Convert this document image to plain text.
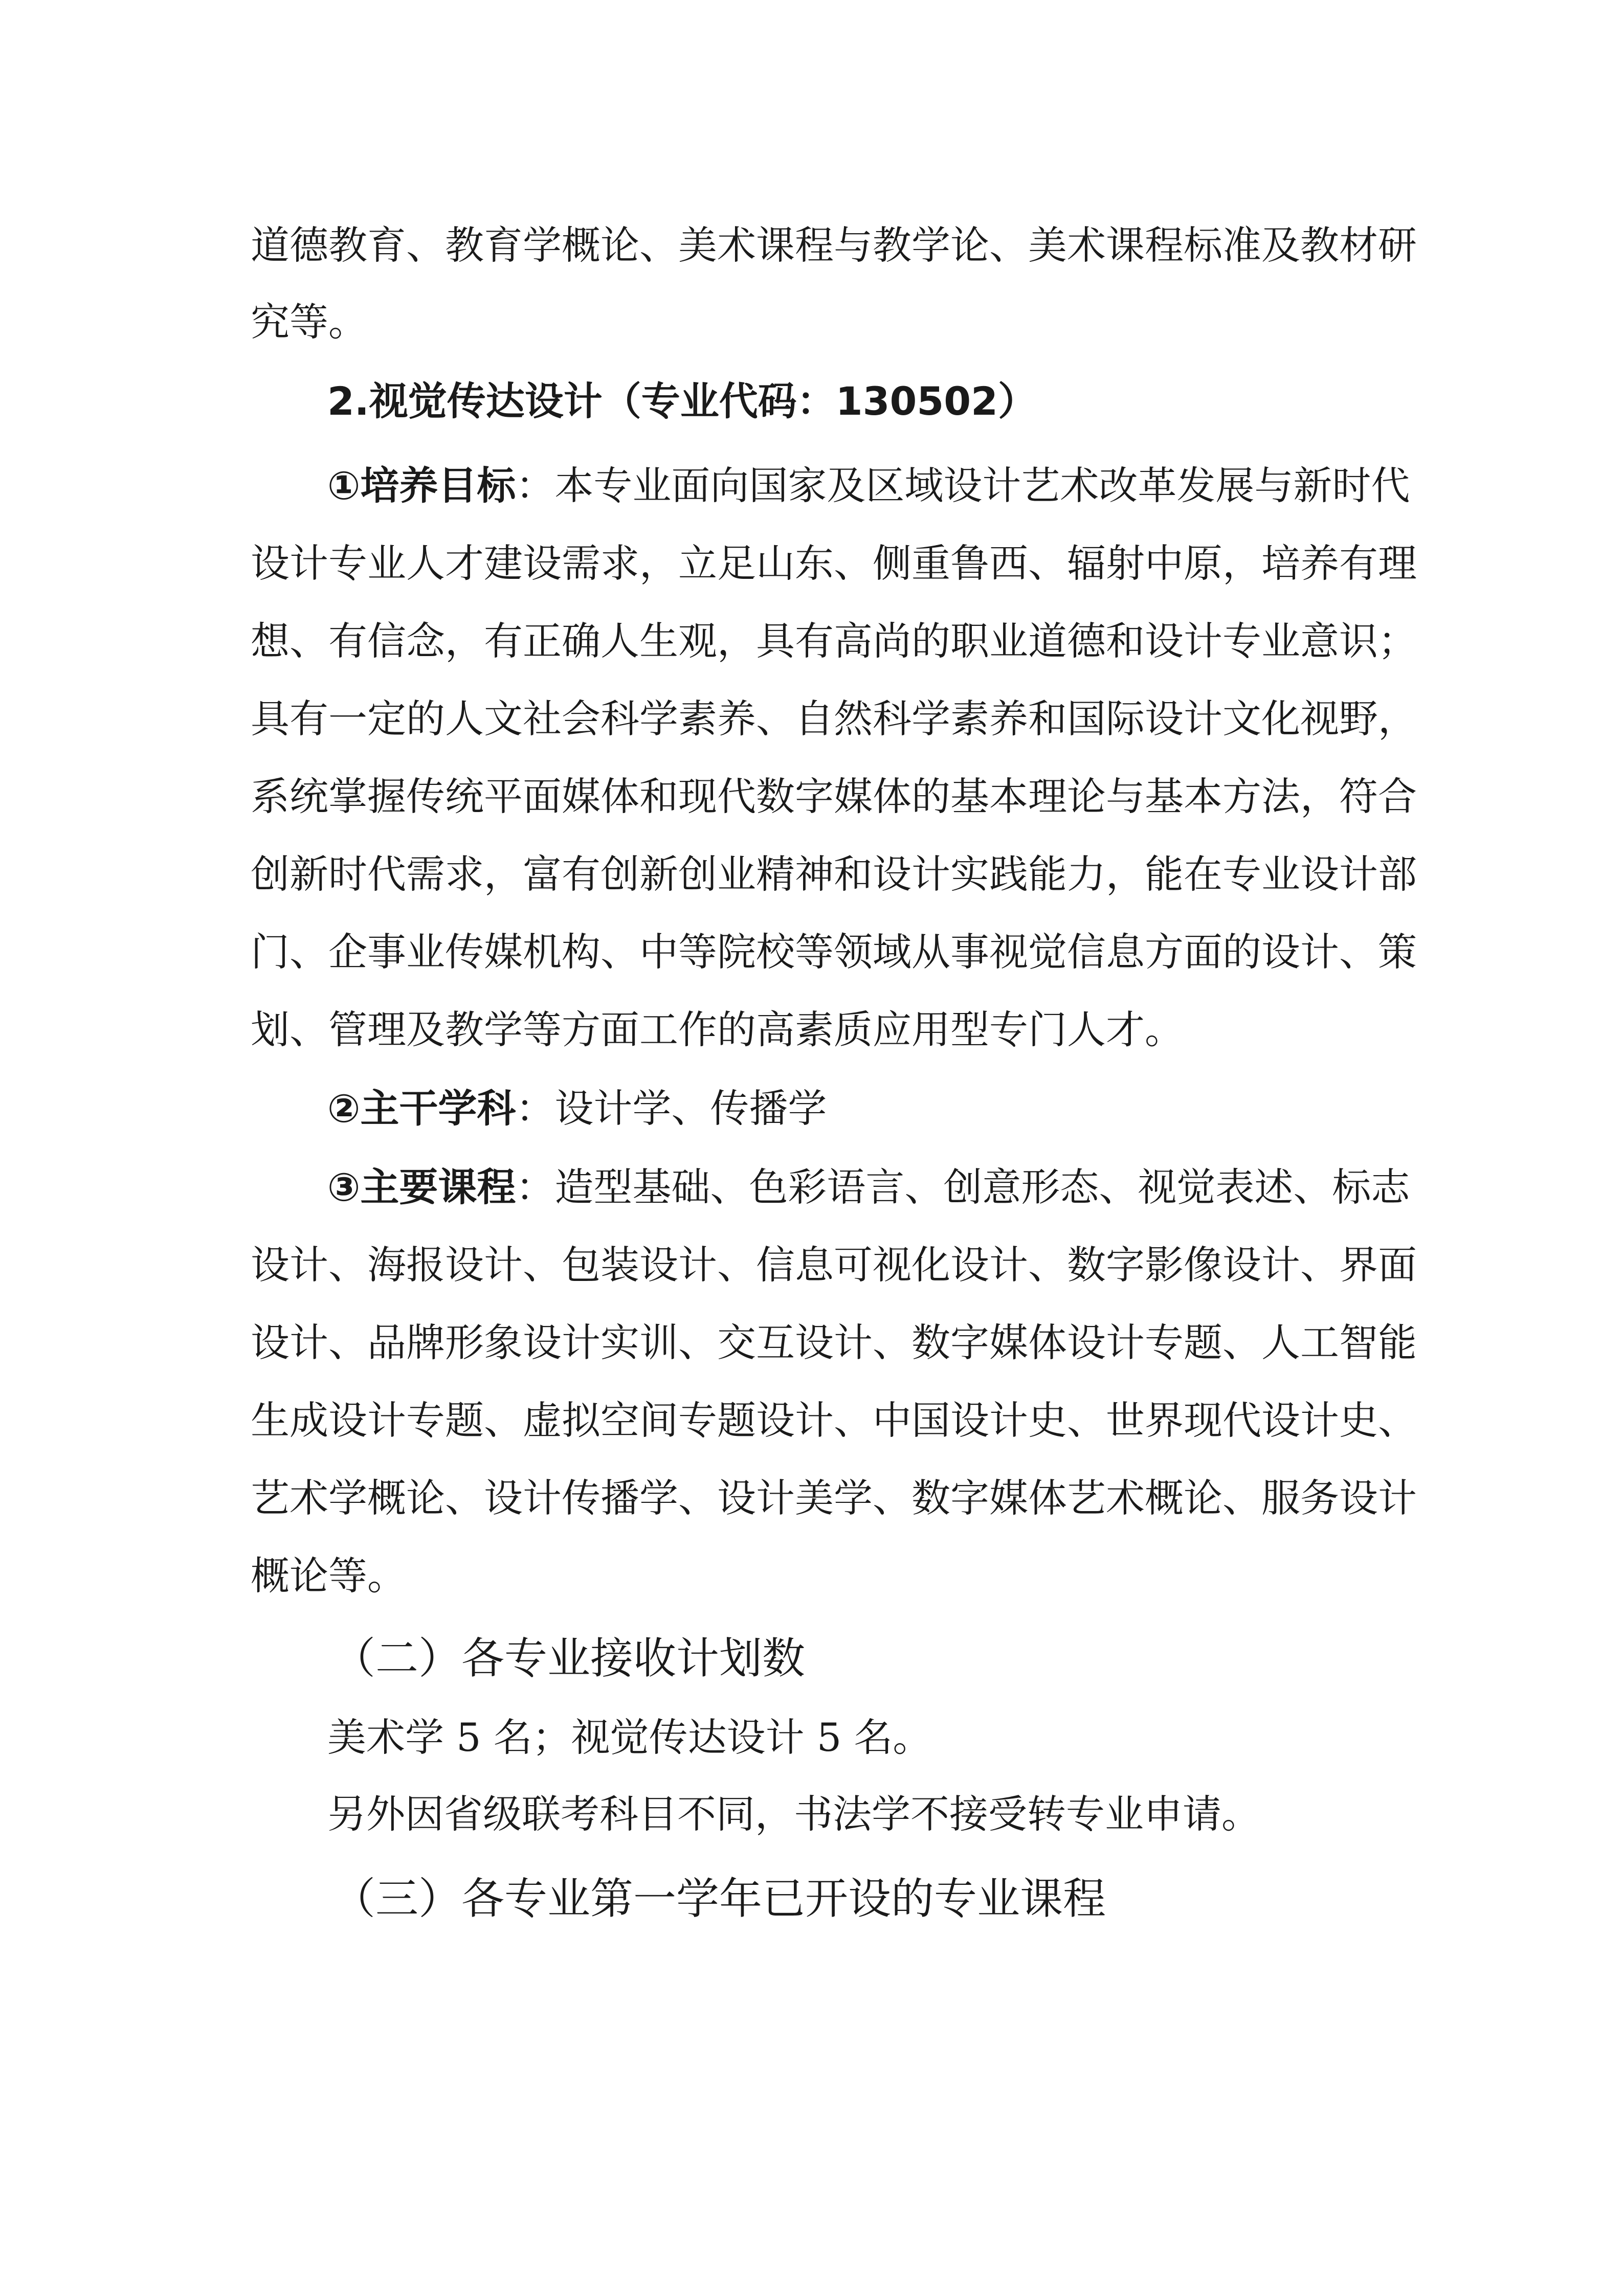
道德教育、教育学概论、美术课程与教学论、美术课程标准及教材研
究等。
2.视觉传达设计（专业代码：130502）
①培养目标：本专业面向国家及区域设计艺术改革发展与新时代
设计专业人才建设需求，立足山东、侧重鲁西、辐射中原，培养有理
想、有信念，有正确人生观，具有高尚的职业道德和设计专业意识；
具有一定的人文社会科学素养、自然科学素养和国际设计文化视野，
系统掌握传统平面媒体和现代数字媒体的基本理论与基本方法，符合
创新时代需求，富有创新创业精神和设计实践能力，能在专业设计部
门、企事业传媒机构、中等院校等领域从事视觉信息方面的设计、策
划、管理及教学等方面工作的高素质应用型专门人才。
②主干学科：设计学、传播学
③主要课程：造型基础、色彩语言、创意形态、视觉表述、标志
设计、海报设计、包装设计、信息可视化设计、数字影像设计、界面
设计、品牌形象设计实训、交互设计、数字媒体设计专题、人工智能
生成设计专题、虚拟空间专题设计、中国设计史、世界现代设计史、
艺术学概论、设计传播学、设计美学、数字媒体艺术概论、服务设计
概论等。
（二）各专业接收计划数
美术学 5 名；视觉传达设计 5 名。
另外因省级联考科目不同，书法学不接受转专业申请。
（三）各专业第一学年已开设的专业课程
